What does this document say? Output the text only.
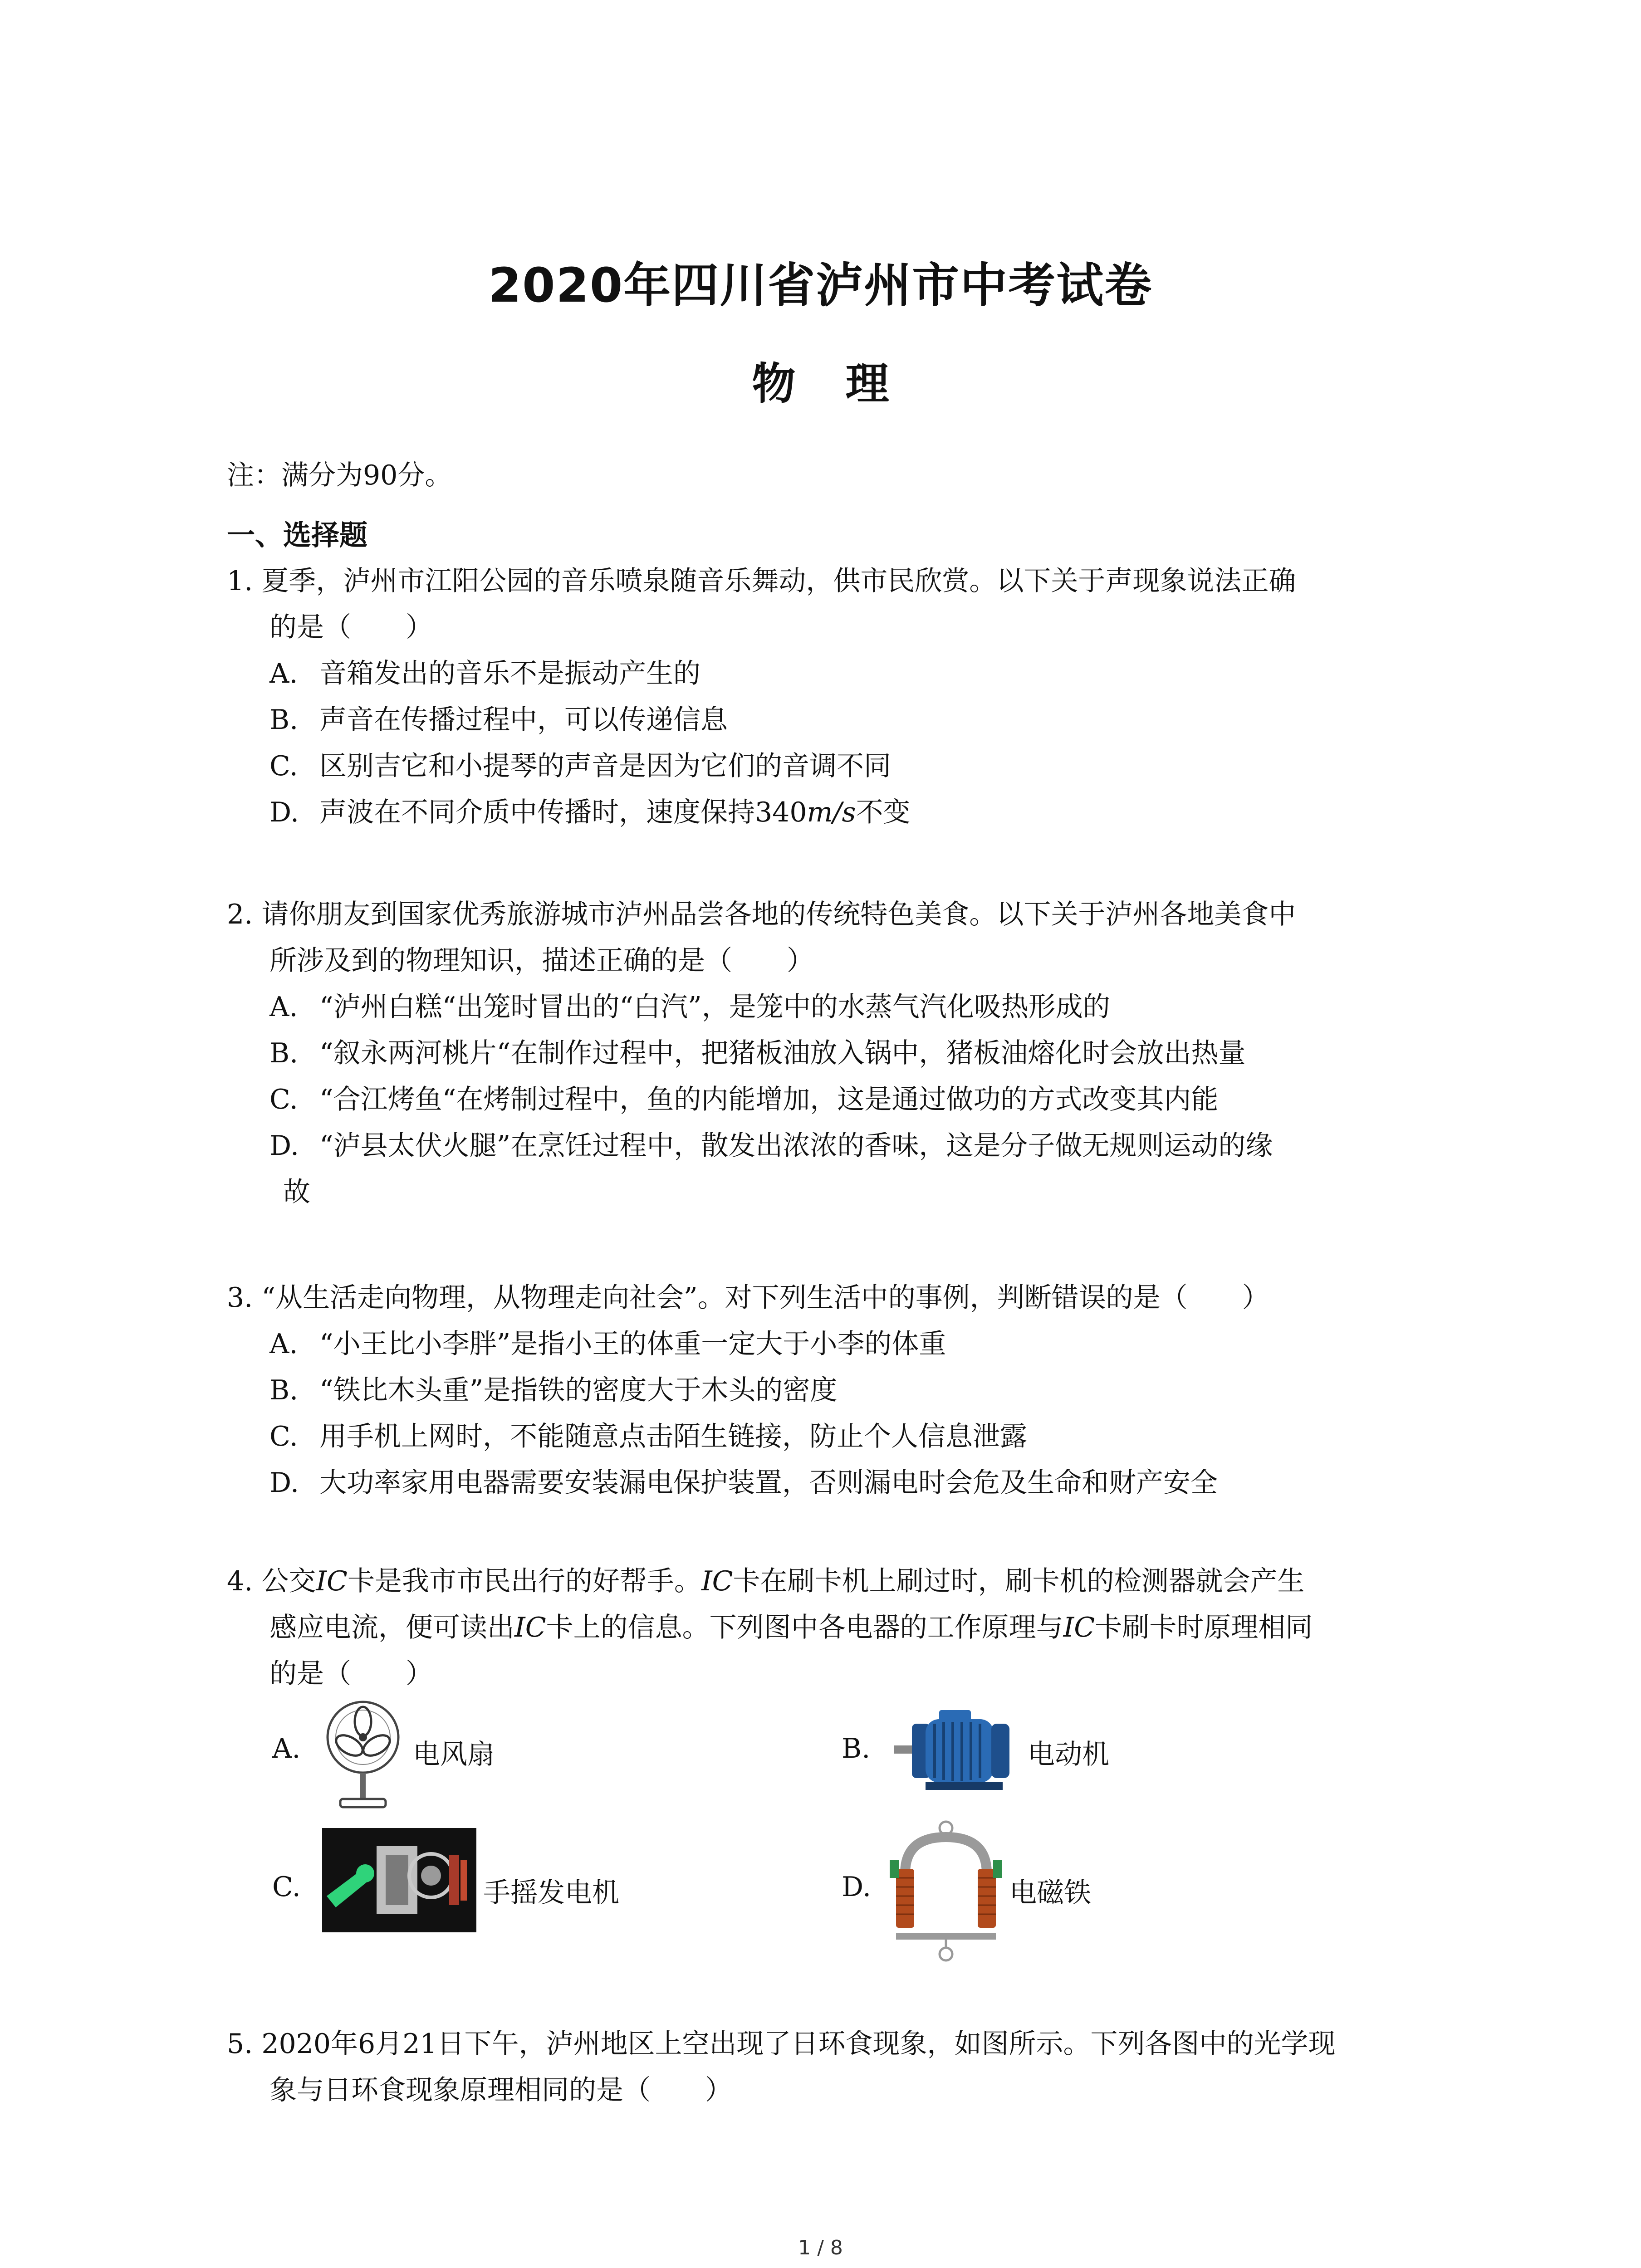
2020年四川省泸州市中考试卷
物理
注：满分为90分。
一、选择题
1. 夏季，泸州市江阳公园的音乐喷泉随音乐舞动，供市民欣赏。以下关于声现象说法正确
的是（　　）
A. 音箱发出的音乐不是振动产生的
B. 声音在传播过程中，可以传递信息
C. 区别吉它和小提琴的声音是因为它们的音调不同
D. 声波在不同介质中传播时，速度保持340m/s不变
2. 请你朋友到国家优秀旅游城市泸州品尝各地的传统特色美食。以下关于泸州各地美食中
所涉及到的物理知识，描述正确的是（　　）
A. “泸州白糕“出笼时冒出的“白汽”，是笼中的水蒸气汽化吸热形成的
B. “叙永两河桃片“在制作过程中，把猪板油放入锅中，猪板油熔化时会放出热量
C. “合江烤鱼“在烤制过程中，鱼的内能增加，这是通过做功的方式改变其内能
D. “泸县太伏火腿”在烹饪过程中，散发出浓浓的香味，这是分子做无规则运动的缘
故
3. “从生活走向物理，从物理走向社会”。对下列生活中的事例，判断错误的是（　　）
A. “小王比小李胖”是指小王的体重一定大于小李的体重
B. “铁比木头重”是指铁的密度大于木头的密度
C. 用手机上网时，不能随意点击陌生链接，防止个人信息泄露
D. 大功率家用电器需要安装漏电保护装置，否则漏电时会危及生命和财产安全
4. 公交IC卡是我市市民出行的好帮手。IC卡在刷卡机上刷过时，刷卡机的检测器就会产生
感应电流，便可读出IC卡上的信息。下列图中各电器的工作原理与IC卡刷卡时原理相同
的是（　　）
A.	电风扇	B.	电动机
C.	手摇发电机	D.	电磁铁
5. 2020年6月21日下午，泸州地区上空出现了日环食现象，如图所示。下列各图中的光学现
象与日环食现象原理相同的是（　　）
1 / 8
